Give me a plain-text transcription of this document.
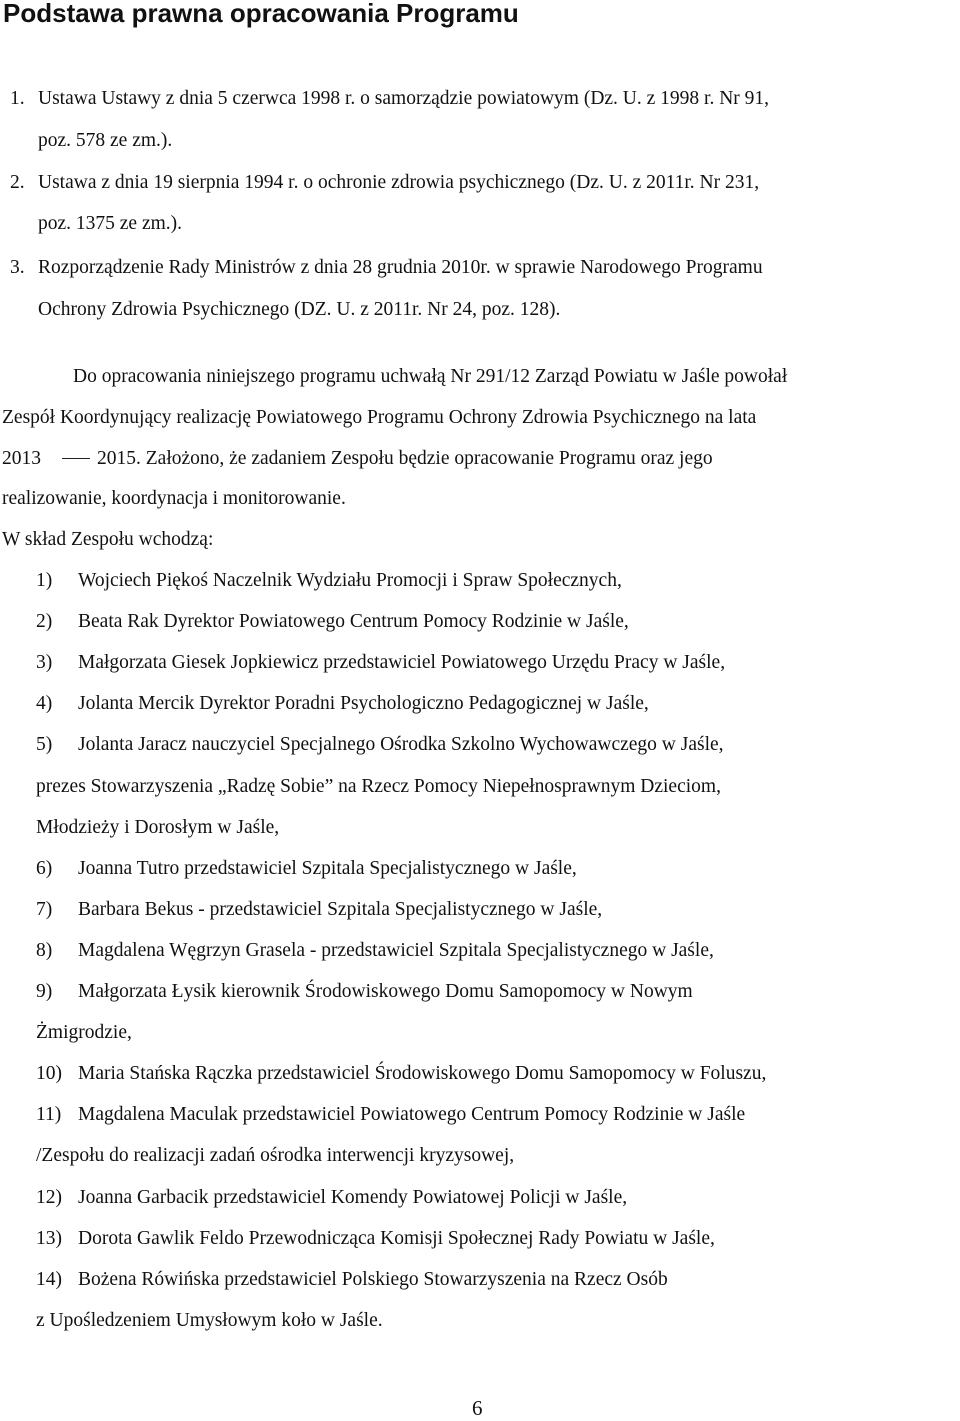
Podstawa prawna opracowania Programu
1. Ustawa Ustawy z dnia 5 czerwca 1998 r. o samorządzie powiatowym (Dz. U. z 1998 r. Nr 91,
poz. 578 ze zm.).
2. Ustawa z dnia 19 sierpnia 1994 r. o ochronie zdrowia psychicznego (Dz. U. z 2011r. Nr 231,
poz. 1375 ze zm.).
3. Rozporządzenie Rady Ministrów z dnia 28 grudnia 2010r. w sprawie Narodowego Programu
Ochrony Zdrowia Psychicznego (DZ. U. z 2011r. Nr 24, poz. 128).
Do opracowania niniejszego programu uchwałą Nr 291/12 Zarząd Powiatu w Jaśle powołał
Zespół Koordynujący realizację Powiatowego Programu Ochrony Zdrowia Psychicznego na lata
2013	2015. Założono, że zadaniem Zespołu będzie opracowanie Programu oraz jego
realizowanie, koordynacja i monitorowanie.
W skład Zespołu wchodzą:
1) Wojciech Piękoś Naczelnik Wydziału Promocji i Spraw Społecznych,
2) Beata Rak Dyrektor Powiatowego Centrum Pomocy Rodzinie w Jaśle,
3) Małgorzata Giesek Jopkiewicz przedstawiciel Powiatowego Urzędu Pracy w Jaśle,
4) Jolanta Mercik Dyrektor Poradni Psychologiczno Pedagogicznej w Jaśle,
5) Jolanta Jaracz nauczyciel Specjalnego Ośrodka Szkolno Wychowawczego w Jaśle,
prezes Stowarzyszenia „Radzę Sobie” na Rzecz Pomocy Niepełnosprawnym Dzieciom,
Młodzieży i Dorosłym w Jaśle,
6) Joanna Tutro przedstawiciel Szpitala Specjalistycznego w Jaśle,
7) Barbara Bekus - przedstawiciel Szpitala Specjalistycznego w Jaśle,
8) Magdalena Węgrzyn Grasela - przedstawiciel Szpitala Specjalistycznego w Jaśle,
9) Małgorzata Łysik kierownik Środowiskowego Domu Samopomocy w Nowym
Żmigrodzie,
10) Maria Stańska Rączka przedstawiciel Środowiskowego Domu Samopomocy w Foluszu,
11) Magdalena Maculak przedstawiciel Powiatowego Centrum Pomocy Rodzinie w Jaśle
/Zespołu do realizacji zadań ośrodka interwencji kryzysowej,
12) Joanna Garbacik przedstawiciel Komendy Powiatowej Policji w Jaśle,
13) Dorota Gawlik Feldo Przewodnicząca Komisji Społecznej Rady Powiatu w Jaśle,
14) Bożena Rówińska przedstawiciel Polskiego Stowarzyszenia na Rzecz Osób
z Upośledzeniem Umysłowym koło w Jaśle.
6
